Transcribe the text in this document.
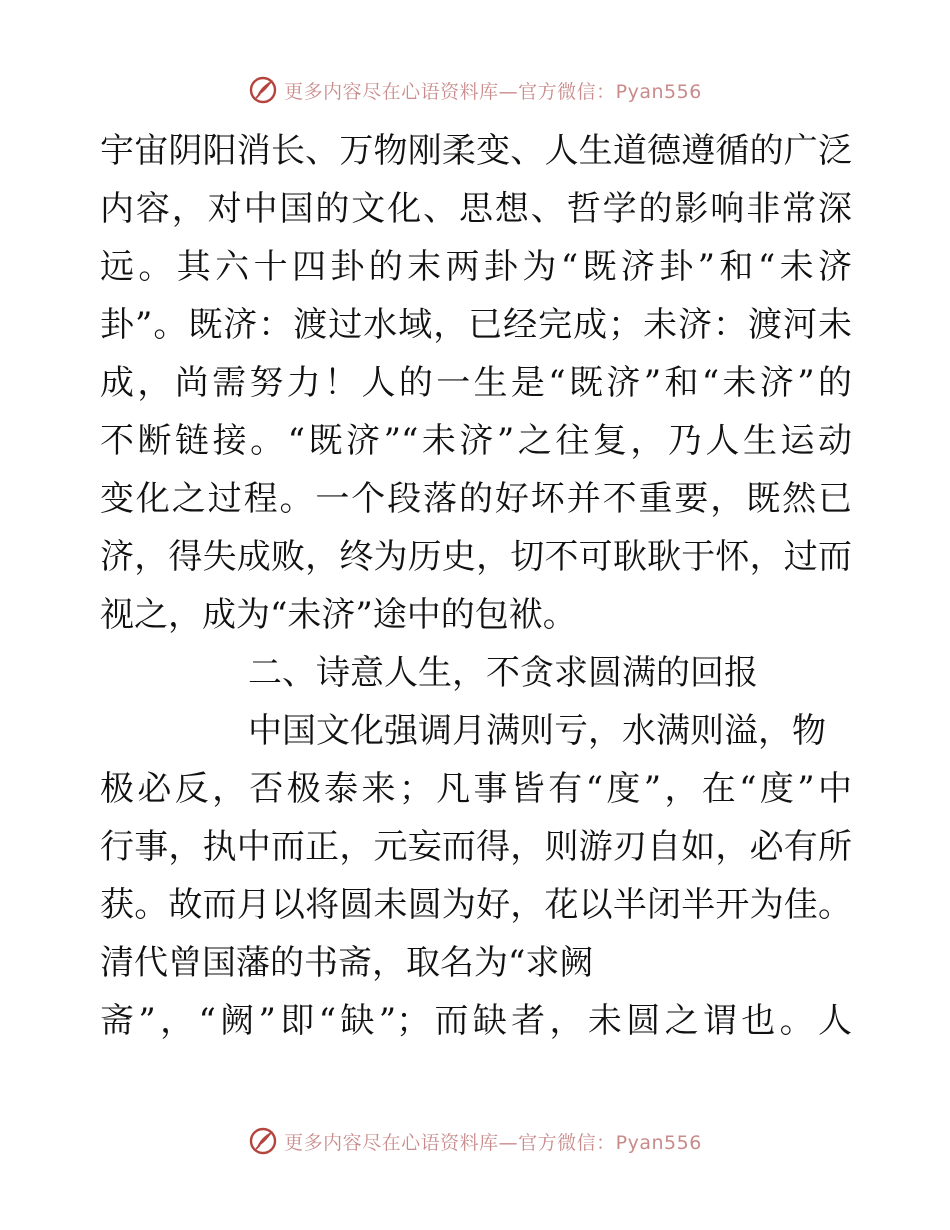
更多内容尽在心语资料库—官方微信：Pyan556
宇宙阴阳消长、万物刚柔变、人生道德遵循的广泛
内容，对中国的文化、思想、哲学的影响非常深
远。其六十四卦的末两卦为“既济卦”和“未济
卦”。既济：渡过水域，已经完成；未济：渡河未
成，尚需努力！人的一生是“既济”和“未济”的
不断链接。“既济”“未济”之往复，乃人生运动
变化之过程。一个段落的好坏并不重要，既然已
济，得失成败，终为历史，切不可耿耿于怀，过而
视之，成为“未济”途中的包袱。
二、诗意人生，不贪求圆满的回报
中国文化强调月满则亏，水满则溢，物
极必反，否极泰来；凡事皆有“度”，在“度”中
行事，执中而正，元妄而得，则游刃自如，必有所
获。故而月以将圆未圆为好，花以半闭半开为佳。
清代曾国藩的书斋，取名为“求阙
斋”，“阙”即“缺”；而缺者，未圆之谓也。人
更多内容尽在心语资料库—官方微信：Pyan556
